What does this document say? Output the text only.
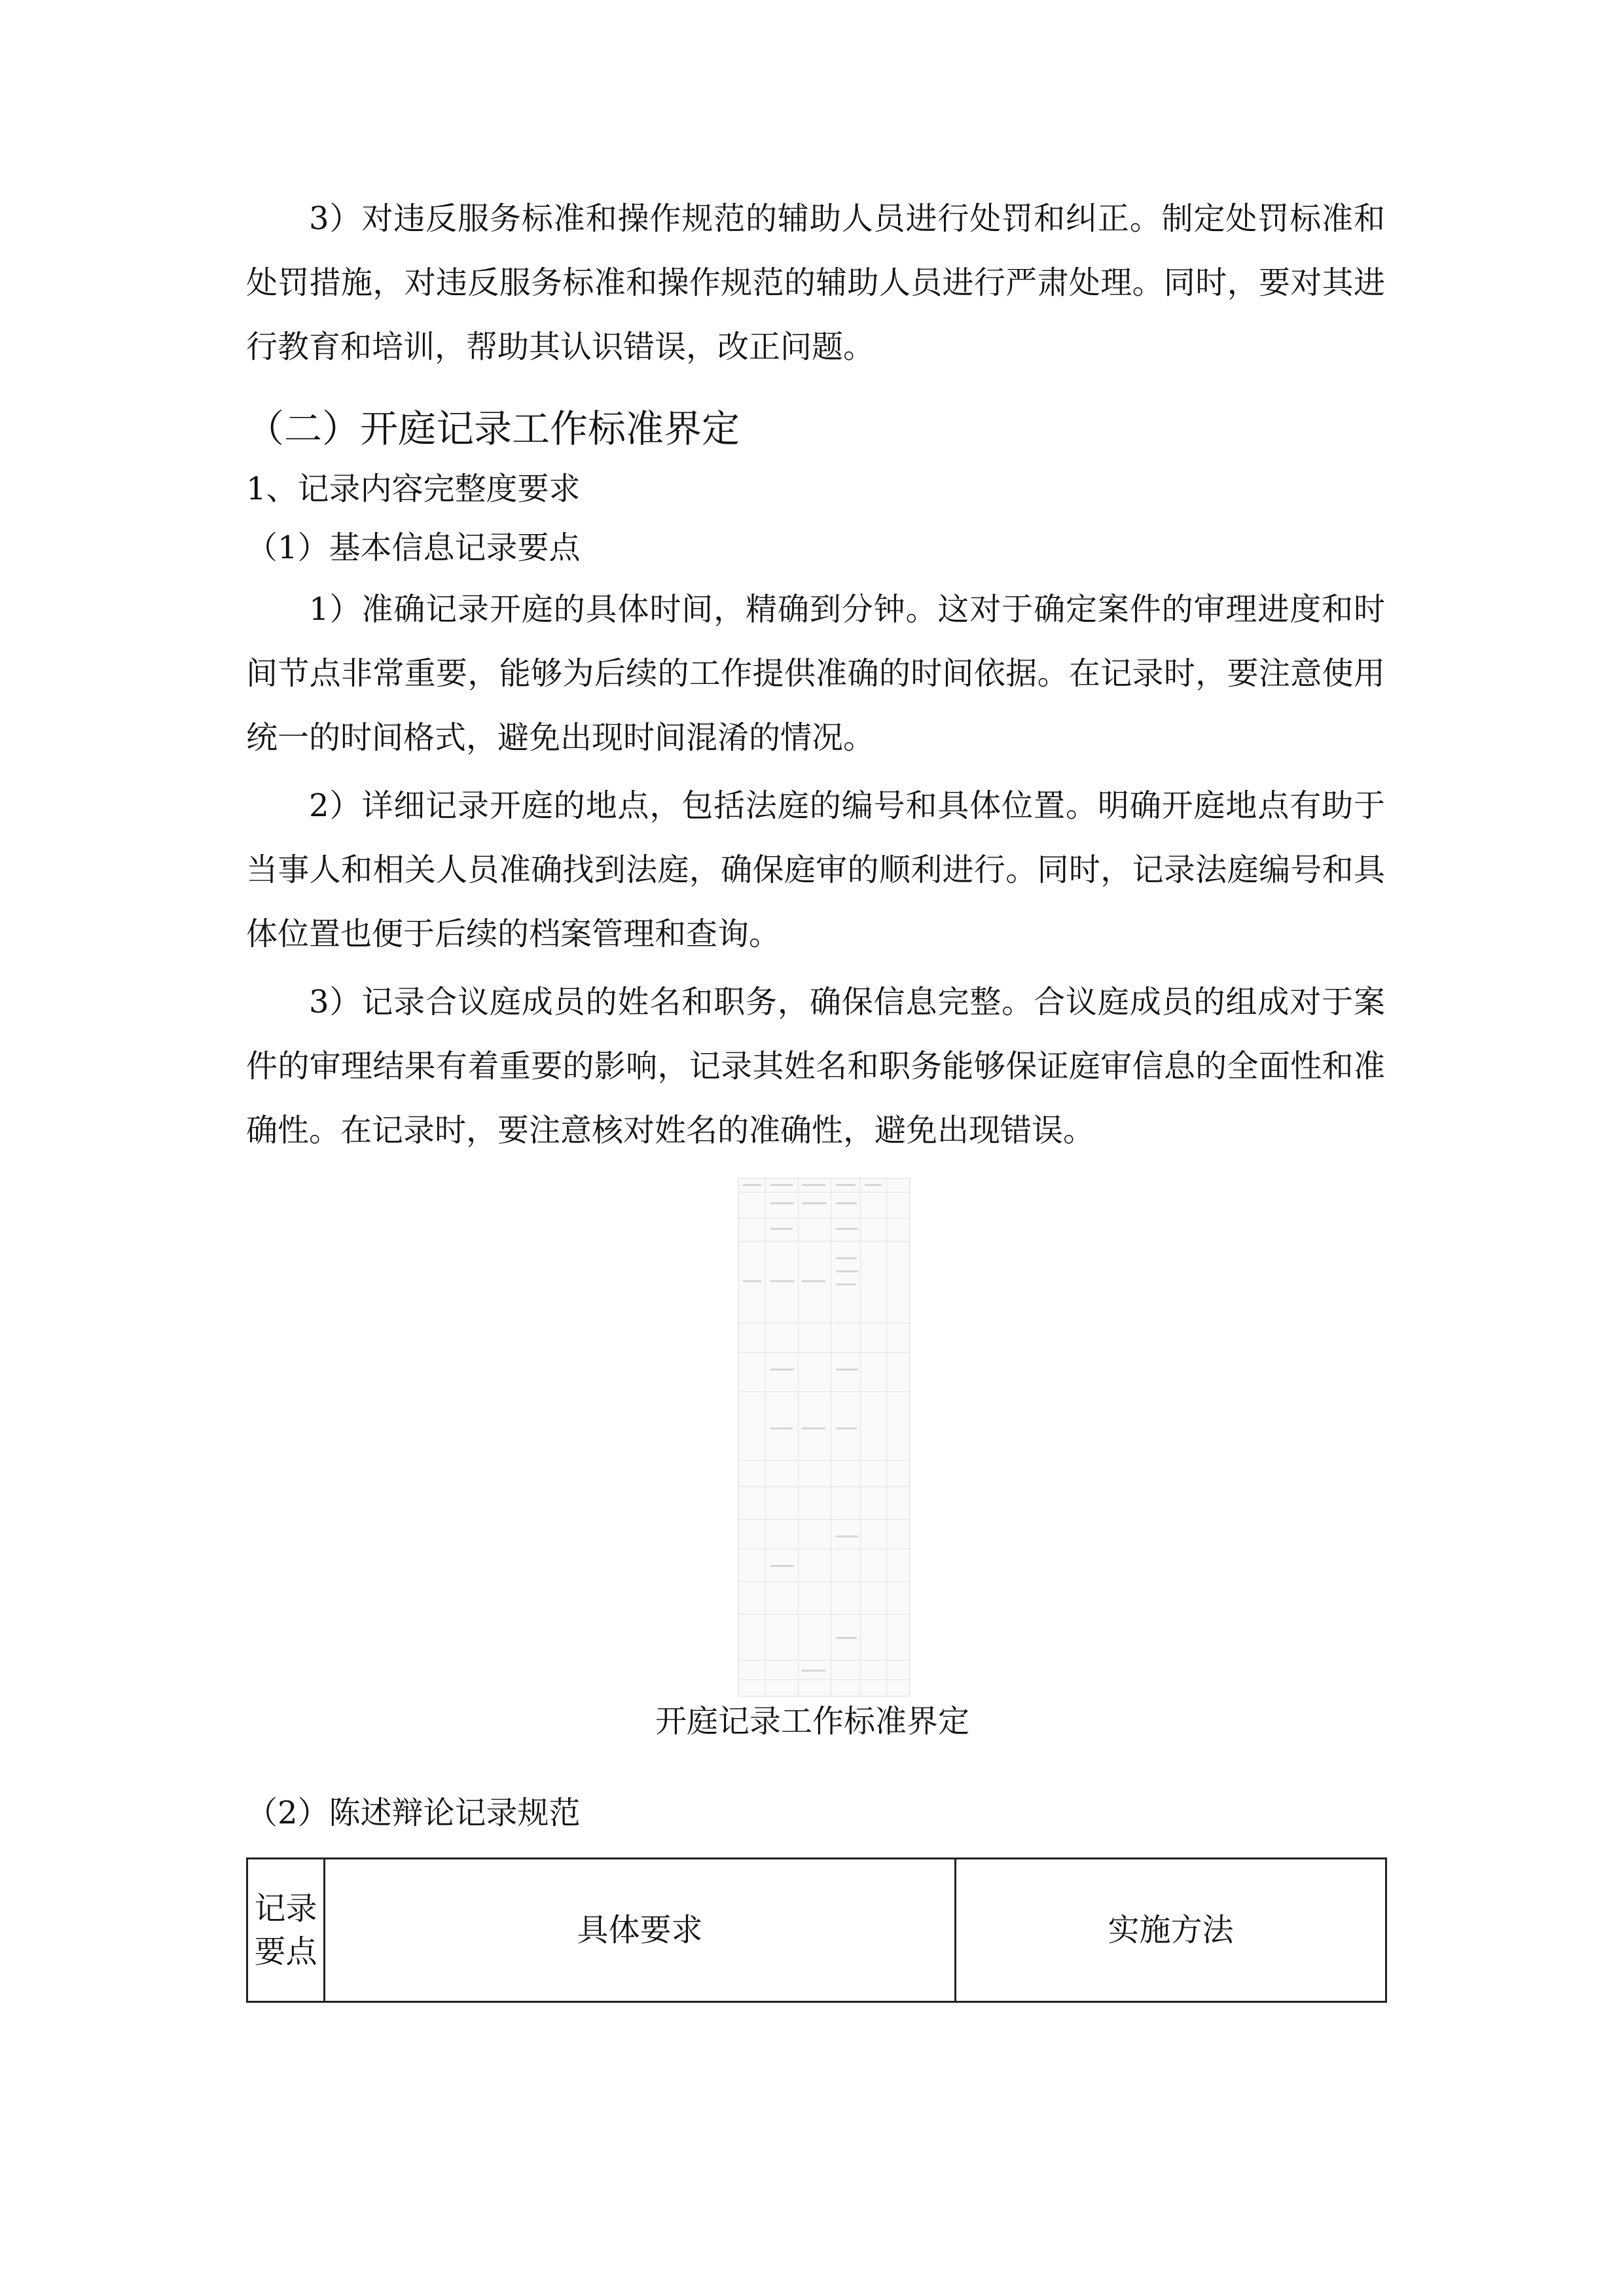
3）对违反服务标准和操作规范的辅助人员进行处罚和纠正。制定处罚标准和处罚措施，对违反服务标准和操作规范的辅助人员进行严肃处理。同时，要对其进行教育和培训，帮助其认识错误，改正问题。

（二）开庭记录工作标准界定

1、记录内容完整度要求

（1）基本信息记录要点

1）准确记录开庭的具体时间，精确到分钟。这对于确定案件的审理进度和时间节点非常重要，能够为后续的工作提供准确的时间依据。在记录时，要注意使用统一的时间格式，避免出现时间混淆的情况。

2）详细记录开庭的地点，包括法庭的编号和具体位置。明确开庭地点有助于当事人和相关人员准确找到法庭，确保庭审的顺利进行。同时，记录法庭编号和具体位置也便于后续的档案管理和查询。

3）记录合议庭成员的姓名和职务，确保信息完整。合议庭成员的组成对于案件的审理结果有着重要的影响，记录其姓名和职务能够保证庭审信息的全面性和准确性。在记录时，要注意核对姓名的准确性，避免出现错误。

开庭记录工作标准界定

（2）陈述辩论记录规范

记录要点	具体要求	实施方法
